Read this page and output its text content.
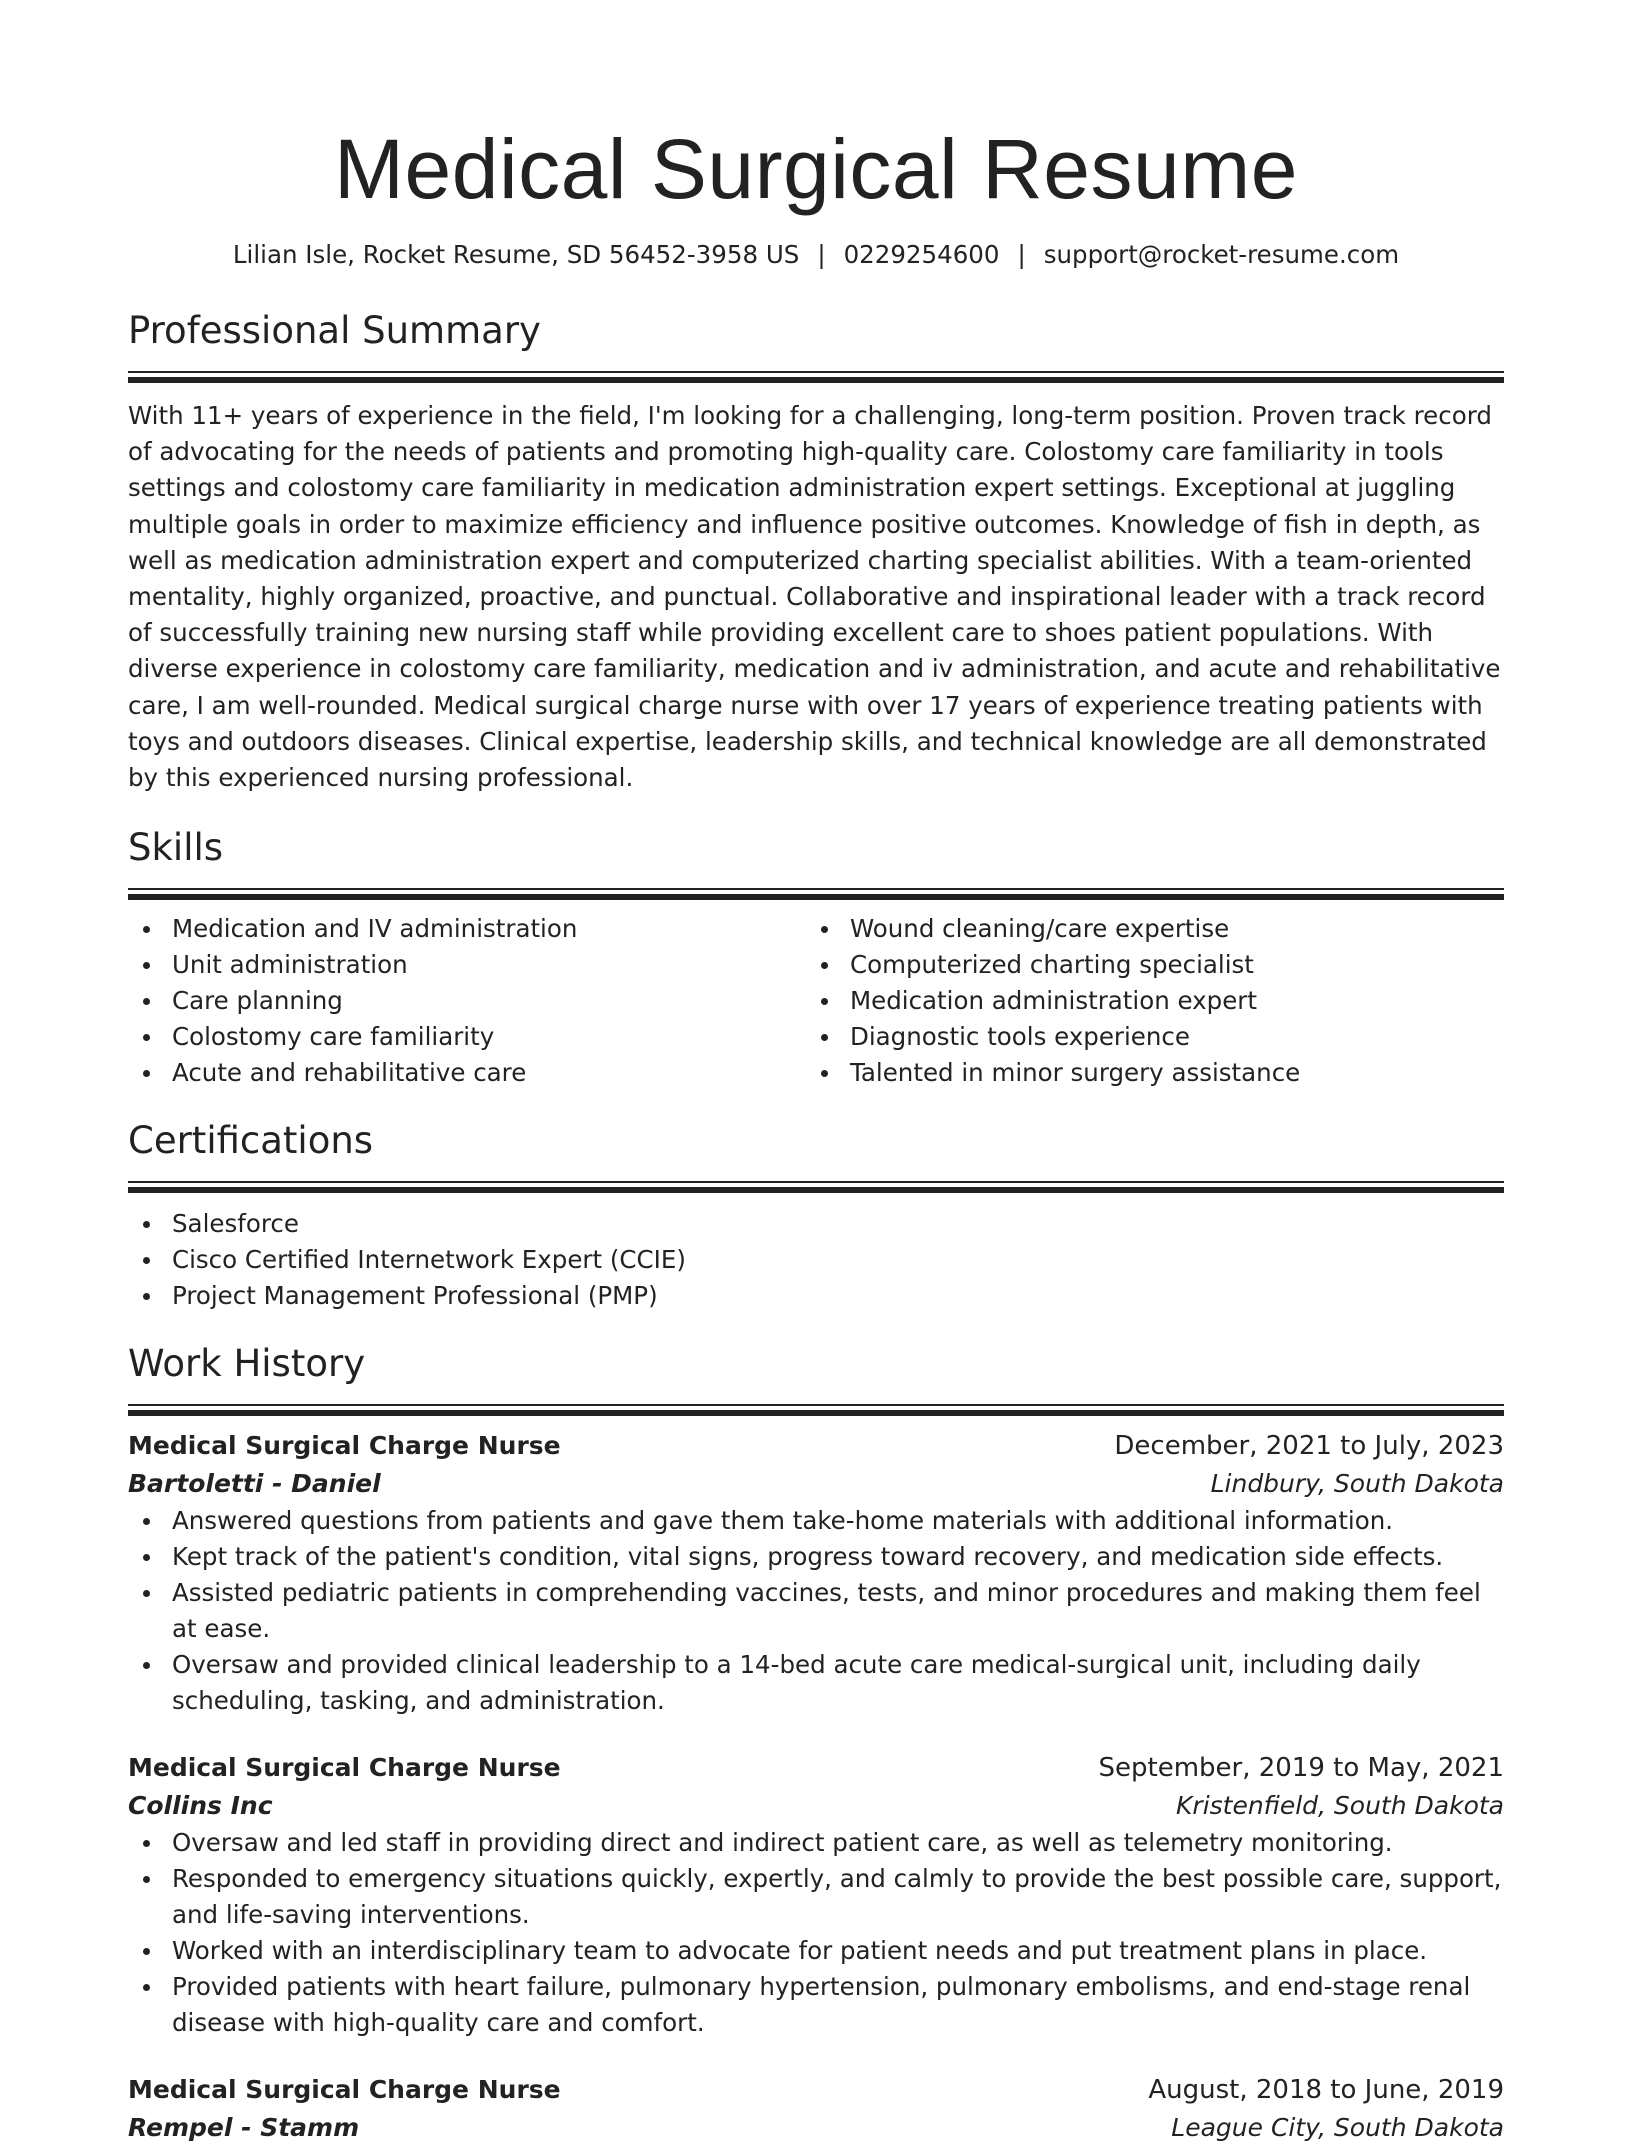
Medical Surgical Resume
Lilian Isle, Rocket Resume, SD 56452-3958 US | 0229254600 | support@rocket-resume.com
Professional Summary

With 11+ years of experience in the field, I'm looking for a challenging, long-term position. Proven track record of advocating for the needs of patients and promoting high-quality care. Colostomy care familiarity in tools settings and colostomy care familiarity in medication administration expert settings. Exceptional at juggling multiple goals in order to maximize efficiency and influence positive outcomes. Knowledge of fish in depth, as well as medication administration expert and computerized charting specialist abilities. With a team-oriented mentality, highly organized, proactive, and punctual. Collaborative and inspirational leader with a track record of successfully training new nursing staff while providing excellent care to shoes patient populations. With diverse experience in colostomy care familiarity, medication and iv administration, and acute and rehabilitative care, I am well-rounded. Medical surgical charge nurse with over 17 years of experience treating patients with toys and outdoors diseases. Clinical expertise, leadership skills, and technical knowledge are all demonstrated by this experienced nursing professional.

Skills
Medication and IV administration
Unit administration
Care planning
Colostomy care familiarity
Acute and rehabilitative care
Wound cleaning/care expertise
Computerized charting specialist
Medication administration expert
Diagnostic tools experience
Talented in minor surgery assistance
Certifications
Salesforce
Cisco Certified Internetwork Expert (CCIE)
Project Management Professional (PMP)
Work History
Medical Surgical Charge Nurse	December, 2021 to July, 2023
Bartoletti - Daniel	Lindbury, South Dakota
Answered questions from patients and gave them take-home materials with additional information.
Kept track of the patient's condition, vital signs, progress toward recovery, and medication side effects.
Assisted pediatric patients in comprehending vaccines, tests, and minor procedures and making them feel at ease.
Oversaw and provided clinical leadership to a 14-bed acute care medical-surgical unit, including daily scheduling, tasking, and administration.
Medical Surgical Charge Nurse	September, 2019 to May, 2021
Collins Inc	Kristenfield, South Dakota
Oversaw and led staff in providing direct and indirect patient care, as well as telemetry monitoring.
Responded to emergency situations quickly, expertly, and calmly to provide the best possible care, support, and life-saving interventions.
Worked with an interdisciplinary team to advocate for patient needs and put treatment plans in place.
Provided patients with heart failure, pulmonary hypertension, pulmonary embolisms, and end-stage renal disease with high-quality care and comfort.
Medical Surgical Charge Nurse	August, 2018 to June, 2019
Rempel - Stamm	League City, South Dakota
